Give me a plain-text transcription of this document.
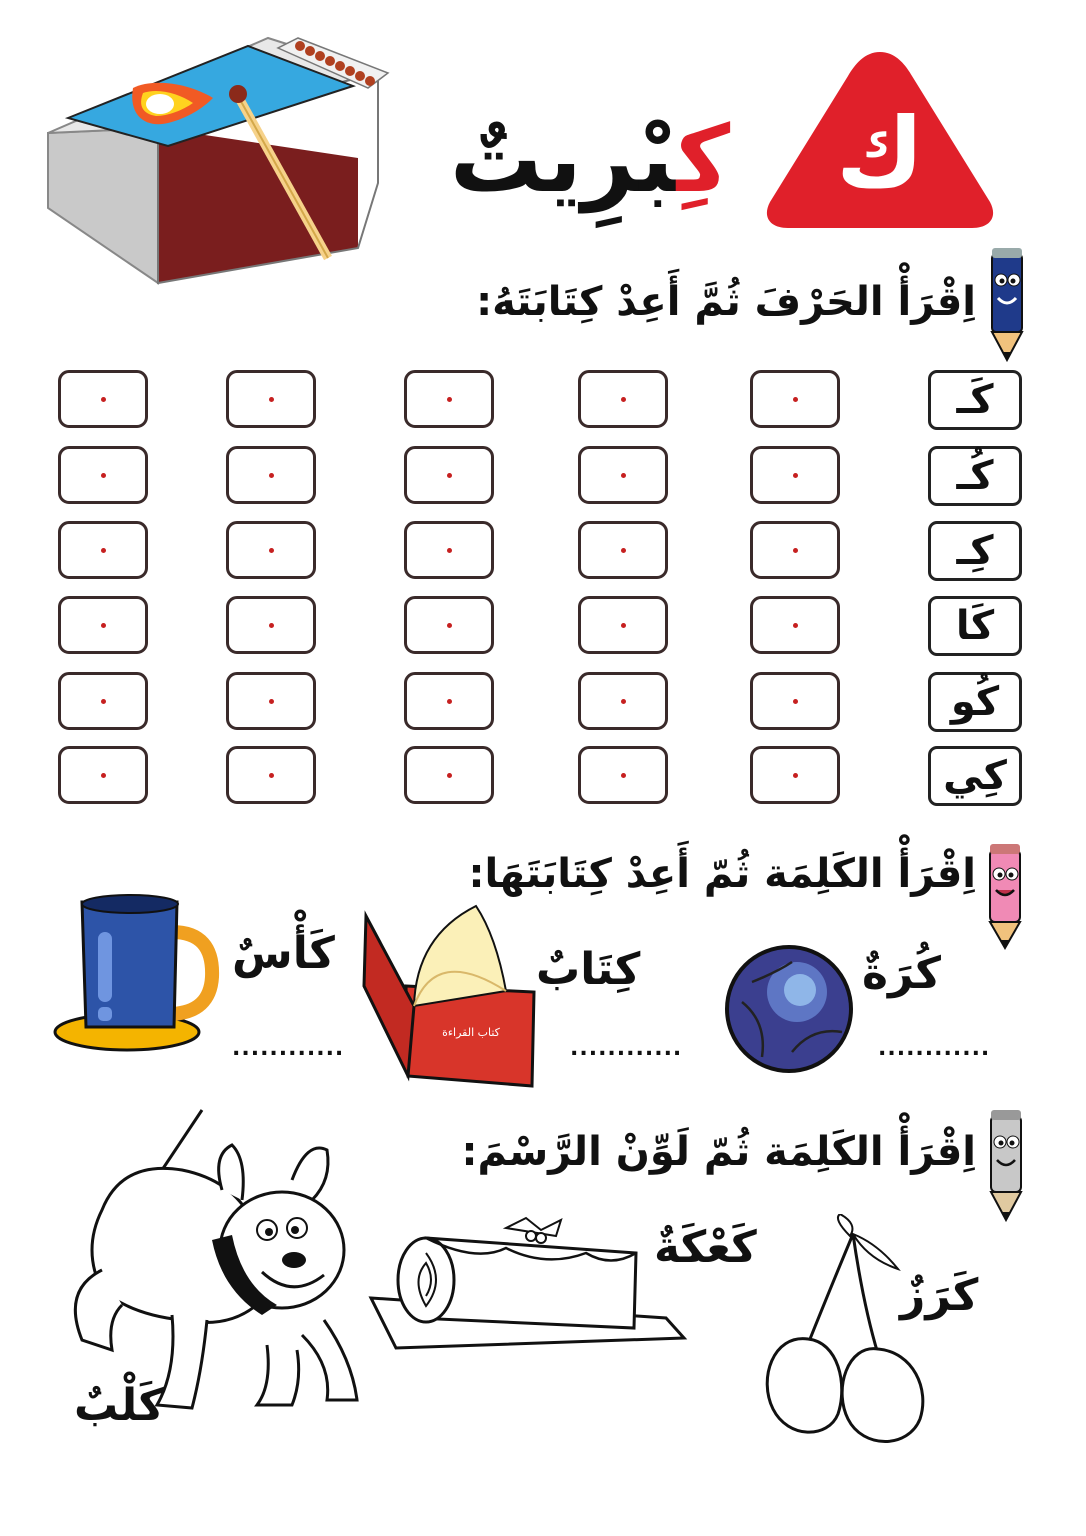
ك
كِبْرِيتٌ
اِقْرَأْ الحَرْفَ ثُمَّ أَعِدْ كِتَابَتَهُ:
كَـ
كُـ
كِـ
كَا
كُو
كِي
اِقْرَأْ الكَلِمَة ثُمّ أَعِدْ كِتَابَتَهَا:
كُرَةٌ
............
كتاب القراءة
كِتَابٌ
............
كَأْسٌ
............
اِقْرَأْ الكَلِمَة ثُمّ لَوِّنْ الرَّسْمَ:
كَرَزٌ
كَعْكَةٌ
كَلْبٌ
